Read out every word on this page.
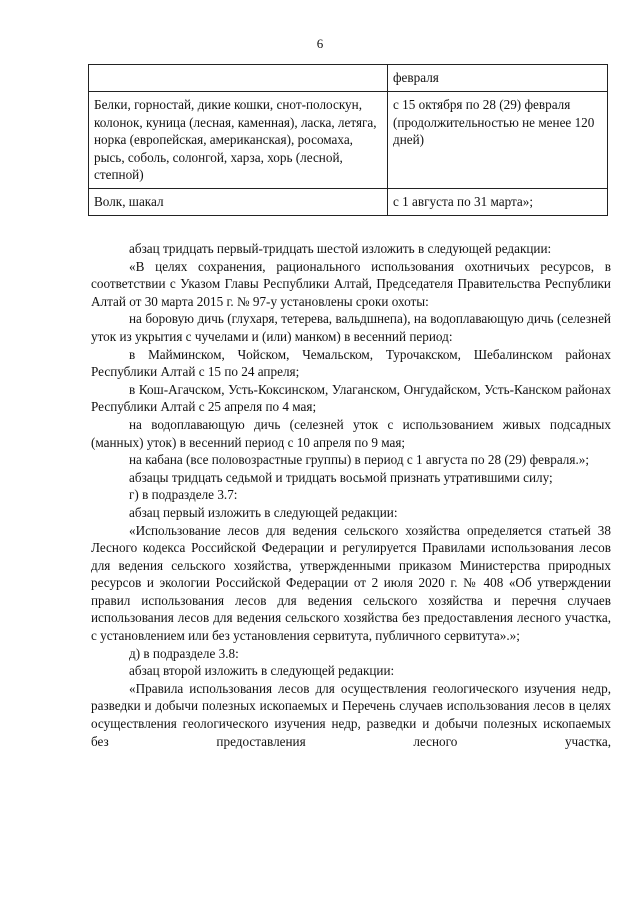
6
	февраля
Белки, горностай, дикие кошки, снот-полоскун, колонок, куница (лесная, каменная), ласка, летяга, норка (европейская, американская), росомаха, рысь, соболь, солонгой, харза, хорь (лесной, степной)	с 15 октября по 28 (29) февраля (продолжительностью не менее 120 дней)
Волк, шакал	с 1 августа по 31 марта»;

абзац тридцать первый-тридцать шестой изложить в следующей редакции:

«В целях сохранения, рационального использования охотничьих ресурсов, в соответствии с Указом Главы Республики Алтай, Председателя Правительства Республики Алтай от 30 марта 2015 г. № 97-у установлены сроки охоты:

на боровую дичь (глухаря, тетерева, вальдшнепа), на водоплавающую дичь (селезней уток из укрытия с чучелами и (или) манком) в весенний период:

в Майминском, Чойском, Чемальском, Турочакском, Шебалинском районах Республики Алтай с 15 по 24 апреля;

в Кош-Агачском, Усть-Коксинском, Улаганском, Онгудайском, Усть-Канском районах Республики Алтай с 25 апреля по 4 мая;

на водоплавающую дичь (селезней уток с использованием живых подсадных (манных) уток) в весенний период с 10 апреля по 9 мая;

на кабана (все половозрастные группы) в период с 1 августа по 28 (29) февраля.»;

абзацы тридцать седьмой и тридцать восьмой признать утратившими силу;

г) в подразделе 3.7:

абзац первый изложить в следующей редакции:

«Использование лесов для ведения сельского хозяйства определяется статьей 38 Лесного кодекса Российской Федерации и регулируется Правилами использования лесов для ведения сельского хозяйства, утвержденными приказом Министерства природных ресурсов и экологии Российской Федерации от 2 июля 2020 г. № 408 «Об утверждении правил использования лесов для ведения сельского хозяйства и перечня случаев использования лесов для ведения сельского хозяйства без предоставления лесного участка, с установлением или без установления сервитута, публичного сервитута».»;

д) в подразделе 3.8:

абзац второй изложить в следующей редакции:

«Правила использования лесов для осуществления геологического изучения недр, разведки и добычи полезных ископаемых и Перечень случаев использования лесов в целях осуществления геологического изучения недр, разведки и добычи полезных ископаемых без предоставления лесного участка,
